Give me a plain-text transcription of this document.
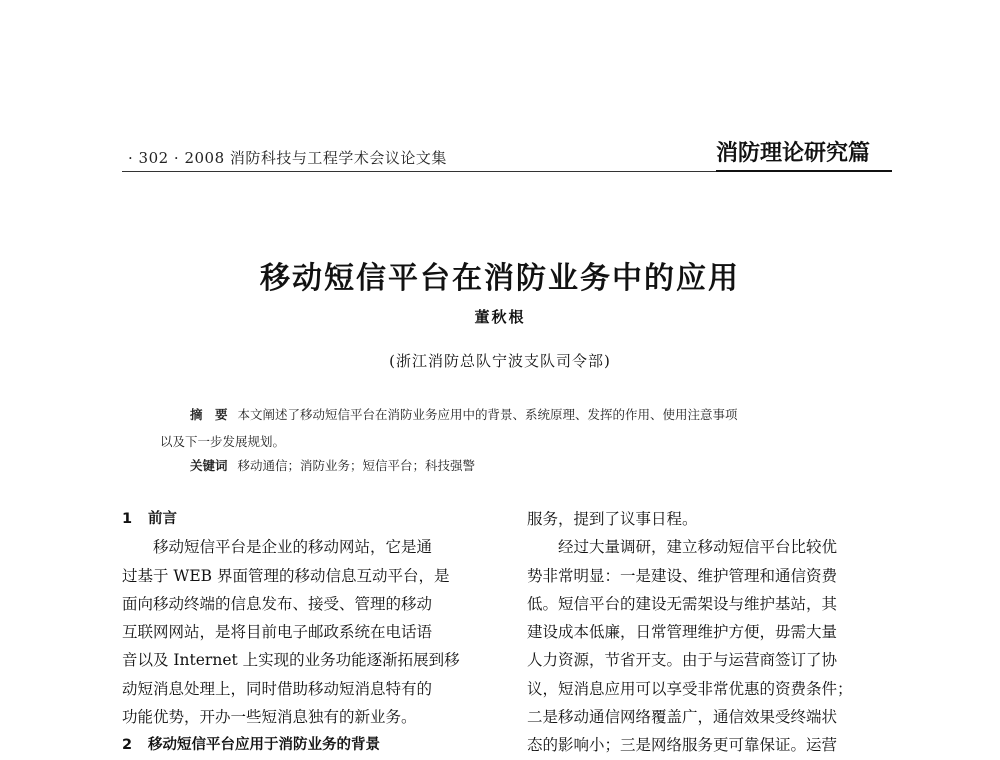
· 302 · 2008 消防科技与工程学术会议论文集	消防理论研究篇
移动短信平台在消防业务中的应用
董秋根
(浙江消防总队宁波支队司令部)
摘　要 本文阐述了移动短信平台在消防业务应用中的背景、系统原理、发挥的作用、使用注意事项
以及下一步发展规划。
关键词 移动通信；消防业务；短信平台；科技强警
1 前言
移动短信平台是企业的移动网站，它是通
过基于 WEB 界面管理的移动信息互动平台，是
面向移动终端的信息发布、接受、管理的移动
互联网网站，是将目前电子邮政系统在电话语
音以及 Internet 上实现的业务功能逐渐拓展到移
动短消息处理上，同时借助移动短消息特有的
功能优势，开办一些短消息独有的新业务。
2 移动短信平台应用于消防业务的背景
服务，提到了议事日程。
经过大量调研，建立移动短信平台比较优
势非常明显：一是建设、维护管理和通信资费
低。短信平台的建设无需架设与维护基站，其
建设成本低廉，日常管理维护方便，毋需大量
人力资源，节省开支。由于与运营商签订了协
议，短消息应用可以享受非常优惠的资费条件；
二是移动通信网络覆盖广，通信效果受终端状
态的影响小；三是网络服务更可靠保证。运营
